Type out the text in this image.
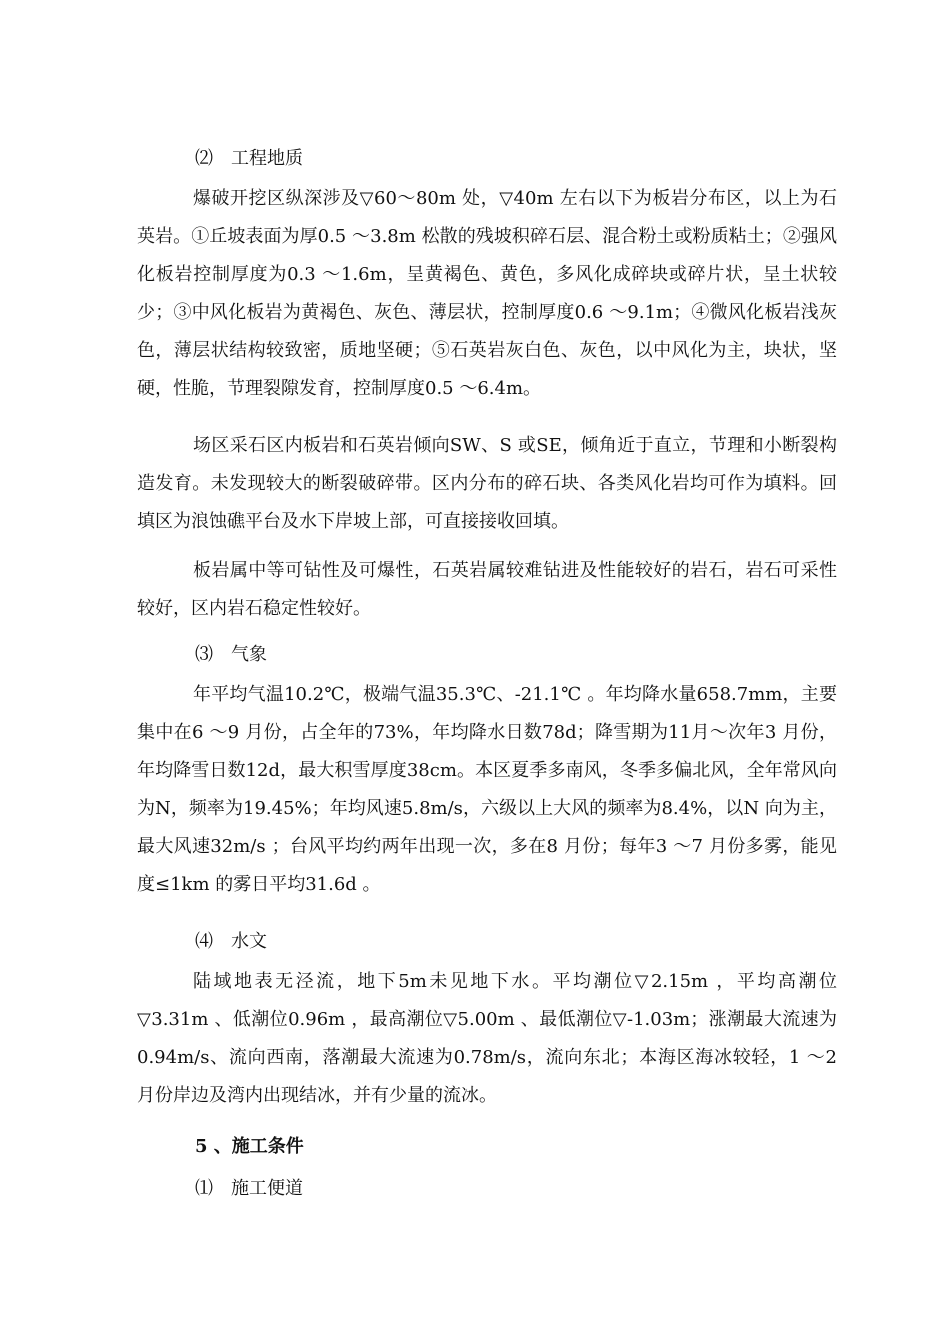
⑵ 工程地质

爆破开挖区纵深涉及▽60～80m 处，▽40m 左右以下为板岩分布区，以上为石英岩。①丘坡表面为厚0.5 ～3.8m 松散的残坡积碎石层、混合粉土或粉质粘土；②强风化板岩控制厚度为0.3 ～1.6m，呈黄褐色、黄色，多风化成碎块或碎片状，呈土状较少；③中风化板岩为黄褐色、灰色、薄层状，控制厚度0.6 ～9.1m；④微风化板岩浅灰色，薄层状结构较致密，质地坚硬；⑤石英岩灰白色、灰色，以中风化为主，块状，坚硬，性脆，节理裂隙发育，控制厚度0.5 ～6.4m。

场区采石区内板岩和石英岩倾向SW、S 或SE，倾角近于直立，节理和小断裂构造发育。未发现较大的断裂破碎带。区内分布的碎石块、各类风化岩均可作为填料。回填区为浪蚀礁平台及水下岸坡上部，可直接接收回填。

板岩属中等可钻性及可爆性，石英岩属较难钻进及性能较好的岩石，岩石可采性较好，区内岩石稳定性较好。

⑶ 气象

年平均气温10.2℃，极端气温35.3℃、-21.1℃ 。年均降水量658.7mm，主要集中在6 ～9 月份，占全年的73%，年均降水日数78d；降雪期为11月～次年3 月份，年均降雪日数12d，最大积雪厚度38cm。本区夏季多南风，冬季多偏北风，全年常风向为N，频率为19.45%；年均风速5.8m/s，六级以上大风的频率为8.4%，以N 向为主，最大风速32m/s ；台风平均约两年出现一次，多在8 月份；每年3 ～7 月份多雾，能见度≤1km 的雾日平均31.6d 。

⑷ 水文

陆域地表无泾流，地下5m未见地下水。平均潮位▽2.15m ，平均高潮位▽3.31m 、低潮位0.96m ，最高潮位▽5.00m 、最低潮位▽-1.03m；涨潮最大流速为0.94m/s、流向西南，落潮最大流速为0.78m/s，流向东北；本海区海冰较轻，1 ～2 月份岸边及湾内出现结冰，并有少量的流冰。

5 、施工条件
⑴ 施工便道
